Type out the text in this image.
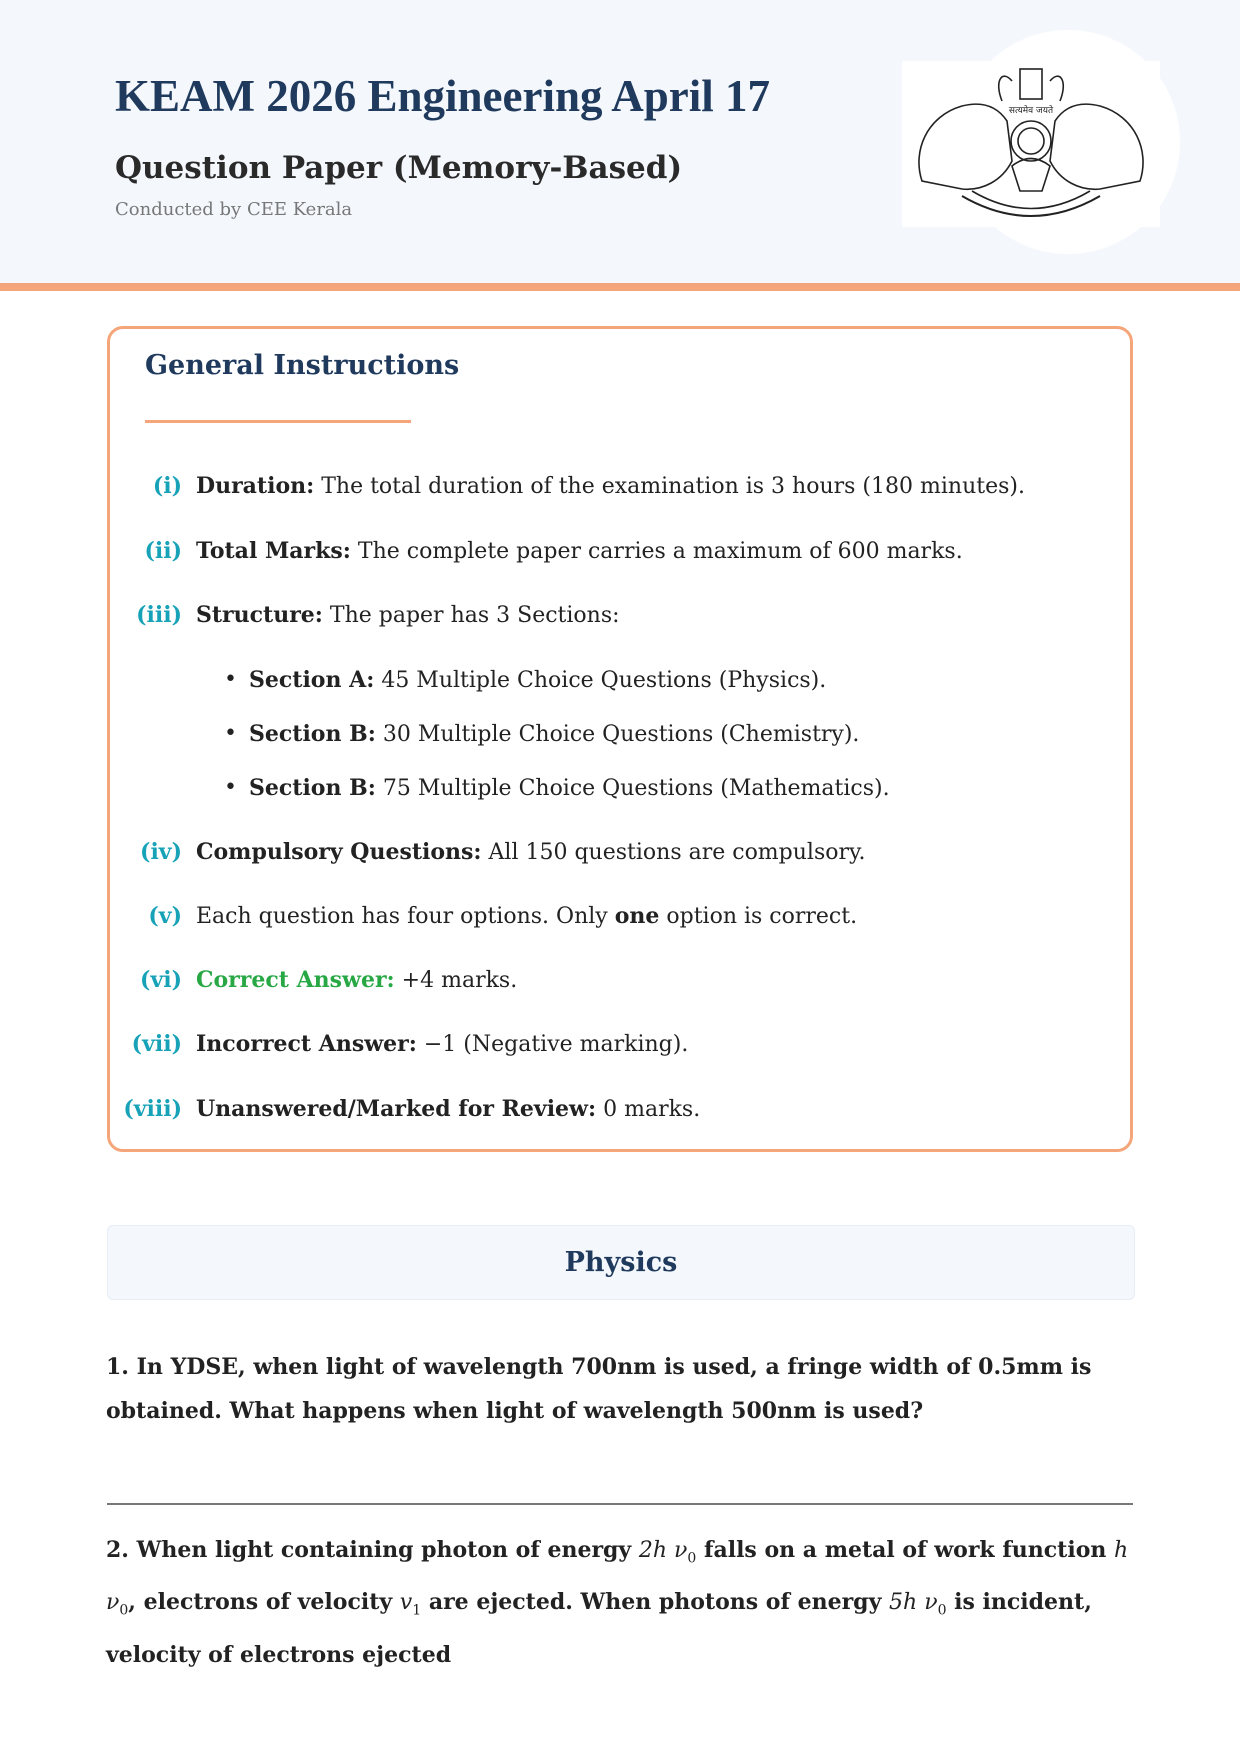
सत्यमेव जयते
KEAM 2026 Engineering April 17
Question Paper (Memory-Based)
Conducted by CEE Kerala
General Instructions
(i) Duration: The total duration of the examination is 3 hours (180 minutes).
(ii) Total Marks: The complete paper carries a maximum of 600 marks.
(iii) Structure: The paper has 3 Sections:
• Section A: 45 Multiple Choice Questions (Physics).
• Section B: 30 Multiple Choice Questions (Chemistry).
• Section B: 75 Multiple Choice Questions (Mathematics).
(iv) Compulsory Questions: All 150 questions are compulsory.
(v) Each question has four options. Only one option is correct.
(vi) Correct Answer: +4 marks.
(vii) Incorrect Answer: −1 (Negative marking).
(viii) Unanswered/Marked for Review: 0 marks.
Physics
1. In YDSE, when light of wavelength 700nm is used, a fringe width of 0.5mm is obtained. What happens when light of wavelength 500nm is used?
2. When light containing photon of energy 2h $\nu_0$ falls on a metal of work function h $\nu_0$, electrons of velocity $v_1$ are ejected. When photons of energy 5h $\nu_0$ is incident, velocity of electrons ejected
